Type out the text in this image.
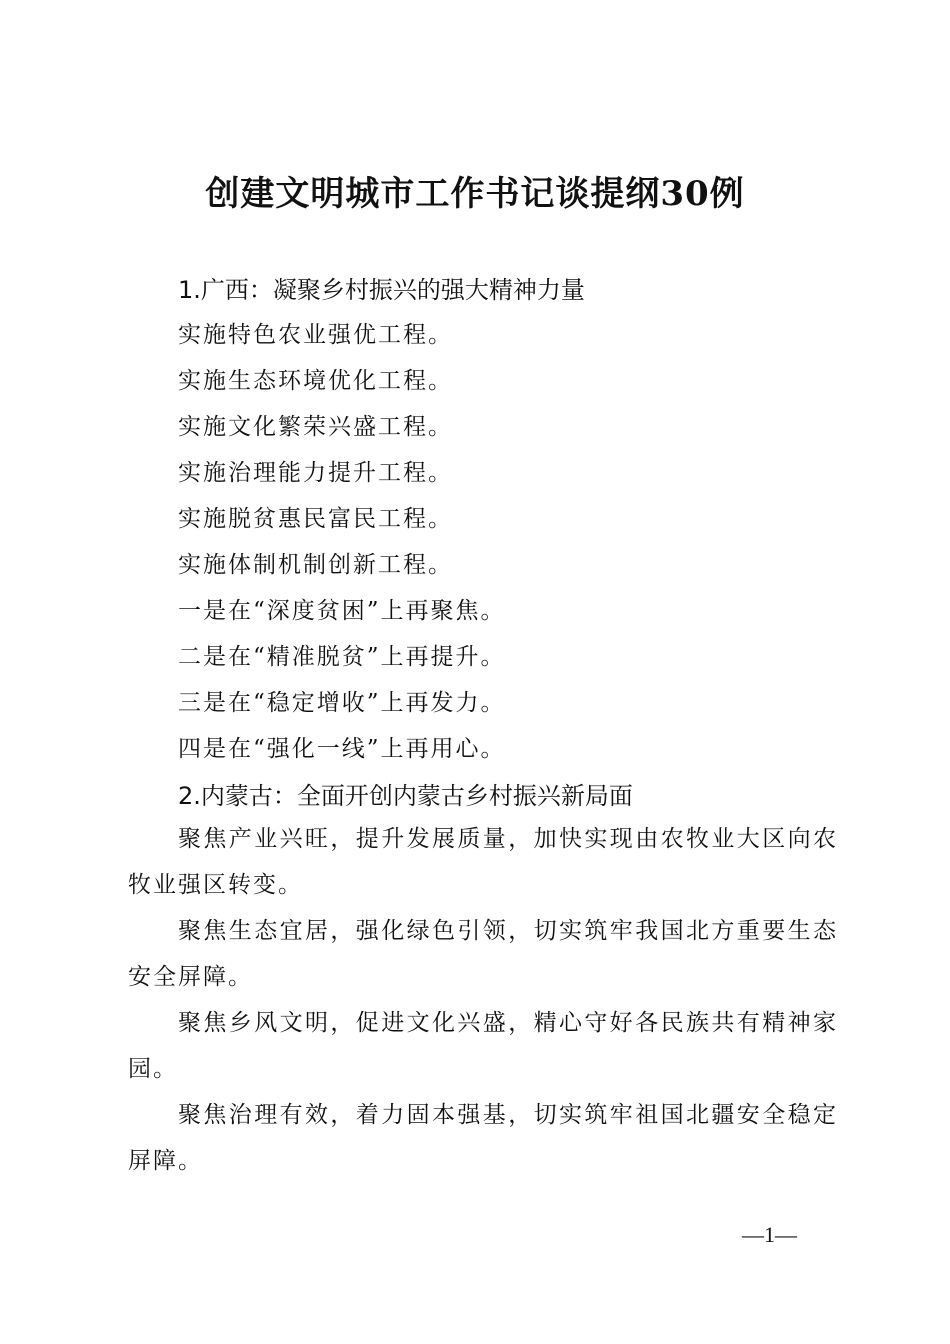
创建文明城市工作书记谈提纲30例
1.广西：凝聚乡村振兴的强大精神力量
实施特色农业强优工程。
实施生态环境优化工程。
实施文化繁荣兴盛工程。
实施治理能力提升工程。
实施脱贫惠民富民工程。
实施体制机制创新工程。
一是在“深度贫困”上再聚焦。
二是在“精准脱贫”上再提升。
三是在“稳定增收”上再发力。
四是在“强化一线”上再用心。
2.内蒙古：全面开创内蒙古乡村振兴新局面
聚焦产业兴旺，提升发展质量，加快实现由农牧业大区向农牧业强区转变。
聚焦生态宜居，强化绿色引领，切实筑牢我国北方重要生态安全屏障。
聚焦乡风文明，促进文化兴盛，精心守好各民族共有精神家园。
聚焦治理有效，着力固本强基，切实筑牢祖国北疆安全稳定屏障。
—1—
